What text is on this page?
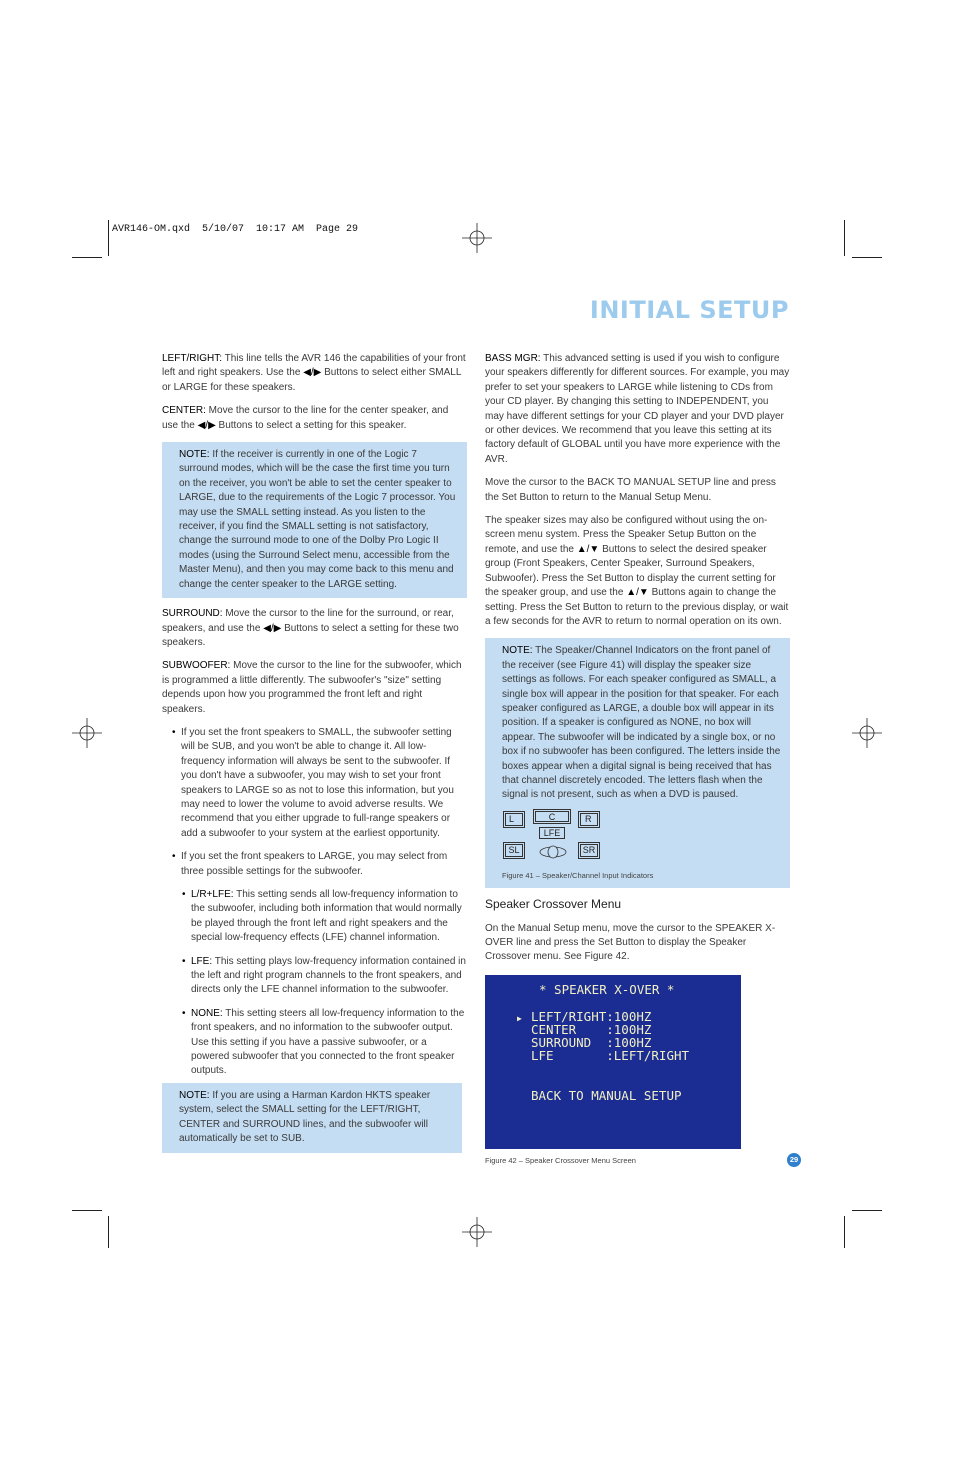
AVR146-OM.qxd  5/10/07  10:17 AM  Page 29
INITIAL SETUP

LEFT/RIGHT: This line tells the AVR 146 the capabilities of your front left and right speakers. Use the ◀/▶ Buttons to select either SMALL or LARGE for these speakers.

CENTER: Move the cursor to the line for the center speaker, and use the ◀/▶ Buttons to select a setting for this speaker.

NOTE: If the receiver is currently in one of the Logic 7 surround modes, which will be the case the first time you turn on the receiver, you won't be able to set the center speaker to LARGE, due to the requirements of the Logic 7 processor. You may use the SMALL setting instead. As you listen to the receiver, if you find the SMALL setting is not satisfactory, change the surround mode to one of the Dolby Pro Logic II modes (using the Surround Select menu, accessible from the Master Menu), and then you may come back to this menu and change the center speaker to the LARGE setting.

SURROUND: Move the cursor to the line for the surround, or rear, speakers, and use the ◀/▶ Buttons to select a setting for these two speakers.

SUBWOOFER: Move the cursor to the line for the subwoofer, which is programmed a little differently. The subwoofer's "size" setting depends upon how you programmed the front left and right speakers.

• If you set the front speakers to SMALL, the subwoofer setting will be SUB, and you won't be able to change it. All low-frequency information will always be sent to the subwoofer. If you don't have a subwoofer, you may wish to set your front speakers to LARGE so as not to lose this information, but you may need to lower the volume to avoid adverse results. We recommend that you either upgrade to full-range speakers or add a subwoofer to your system at the earliest opportunity.

• If you set the front speakers to LARGE, you may select from three possible settings for the subwoofer.

• L/R+LFE: This setting sends all low-frequency information to the subwoofer, including both information that would normally be played through the front left and right speakers and the special low-frequency effects (LFE) channel information.

• LFE: This setting plays low-frequency information contained in the left and right program channels to the front speakers, and directs only the LFE channel information to the subwoofer.

• NONE: This setting steers all low-frequency information to the front speakers, and no information to the subwoofer output. Use this setting if you have a passive subwoofer, or a powered subwoofer that you connected to the front speaker outputs.

NOTE: If you are using a Harman Kardon HKTS speaker system, select the SMALL setting for the LEFT/RIGHT, CENTER and SURROUND lines, and the subwoofer will automatically be set to SUB.

BASS MGR: This advanced setting is used if you wish to configure your speakers differently for different sources. For example, you may prefer to set your speakers to LARGE while listening to CDs from your CD player. By changing this setting to INDEPENDENT, you may have different settings for your CD player and your DVD player or other devices. We recommend that you leave this setting at its factory default of GLOBAL until you have more experience with the AVR.

Move the cursor to the BACK TO MANUAL SETUP line and press the Set Button to return to the Manual Setup Menu.

The speaker sizes may also be configured without using the on-screen menu system. Press the Speaker Setup Button on the remote, and use the ▲/▼ Buttons to select the desired speaker group (Front Speakers, Center Speaker, Surround Speakers, Subwoofer). Press the Set Button to display the current setting for the speaker group, and use the ▲/▼ Buttons again to change the setting. Press the Set Button to return to the previous display, or wait a few seconds for the AVR to return to normal operation on its own.

NOTE: The Speaker/Channel Indicators on the front panel of the receiver (see Figure 41) will display the speaker size settings as follows. For each speaker configured as SMALL, a single box will appear in the position for that speaker. For each speaker configured as LARGE, a double box will appear in its position. If a speaker is configured as NONE, no box will appear. The subwoofer will be indicated by a single box, or no box if no subwoofer has been configured. The letters inside the boxes appear when a digital signal is being received that has that channel discretely encoded. The letters flash when the signal is not present, such as when a DVD is paused.

L	C	R
LFE
SL	SR
Figure 41 – Speaker/Channel Input Indicators
Speaker Crossover Menu

On the Manual Setup menu, move the cursor to the SPEAKER X-OVER line and press the Set Button to display the Speaker Crossover menu. See Figure 42.

* SPEAKER X-OVER *
▶ LEFT/RIGHT:100HZ
CENTER    :100HZ
SURROUND  :100HZ
LFE       :LEFT/RIGHT
BACK TO MANUAL SETUP
Figure 42 – Speaker Crossover Menu Screen	29
